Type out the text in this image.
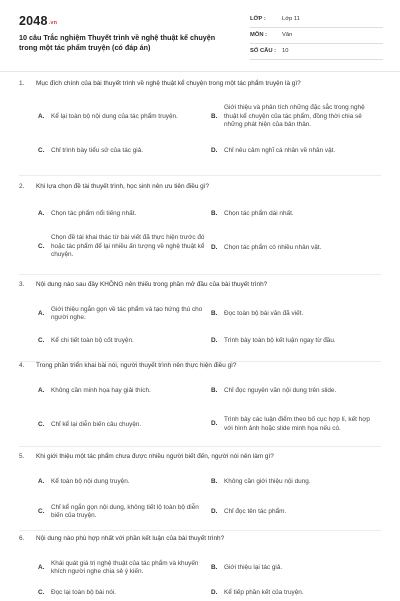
2048.vn
10 câu Trắc nghiệm Thuyết trình về nghệ thuật kể chuyện trong một tác phẩm truyện (có đáp án)
LỚP :	Lớp 11
MÔN :	Văn
SỐ CÂU :	10
1.	Mục đích chính của bài thuyết trình về nghệ thuật kể chuyện trong một tác phẩm truyện là gì?
A.	Kể lại toàn bộ nội dung của tác phẩm truyện.	B.
Giới thiệu và phân tích những đặc sắc trong nghệ thuật kể chuyện của tác phẩm, đồng thời chia sẻ những phát hiện của bản thân.
C.	Chỉ trình bày tiểu sử của tác giả.	D.	Chỉ nêu cảm nghĩ cá nhân về nhân vật.
2.	Khi lựa chọn đề tài thuyết trình, học sinh nên ưu tiên điều gì?
A.	Chọn tác phẩm nổi tiếng nhất.	B.	Chọn tác phẩm dài nhất.
C.
Chọn đề tài khai thác từ bài viết đã thực hiện trước đó hoặc tác phẩm để lại nhiều ấn tượng về nghệ thuật kể chuyện.
D.	Chọn tác phẩm có nhiều nhân vật.
3.	Nội dung nào sau đây KHÔNG nên thiếu trong phần mở đầu của bài thuyết trình?
A.
Giới thiệu ngắn gọn về tác phẩm và tạo hứng thú cho người nghe.
B.	Đọc toàn bộ bài văn đã viết.
C.	Kể chi tiết toàn bộ cốt truyện.	D.	Trình bày toàn bộ kết luận ngay từ đầu.
4.	Trong phần triển khai bài nói, người thuyết trình nên thực hiện điều gì?
A.	Không cần minh họa hay giải thích.	B.	Chỉ đọc nguyên văn nội dung trên slide.
C.	Chỉ kể lại diễn biến câu chuyện.	D.
Trình bày các luận điểm theo bố cục hợp lí, kết hợp với hình ảnh hoặc slide minh họa nếu có.
5.	Khi giới thiệu một tác phẩm chưa được nhiều người biết đến, người nói nên làm gì?
A.	Kể toàn bộ nội dung truyện.	B.	Không cần giới thiệu nội dung.
C.
Chỉ kể ngắn gọn nội dung, không tiết lộ toàn bộ diễn biến của truyện.
D.	Chỉ đọc tên tác phẩm.
6.	Nội dung nào phù hợp nhất với phần kết luận của bài thuyết trình?
A.
Khái quát giá trị nghệ thuật của tác phẩm và khuyến khích người nghe chia sẻ ý kiến.
B.	Giới thiệu lại tác giả.
C.	Đọc lại toàn bộ bài nói.	D.	Kể tiếp phần kết của truyện.
